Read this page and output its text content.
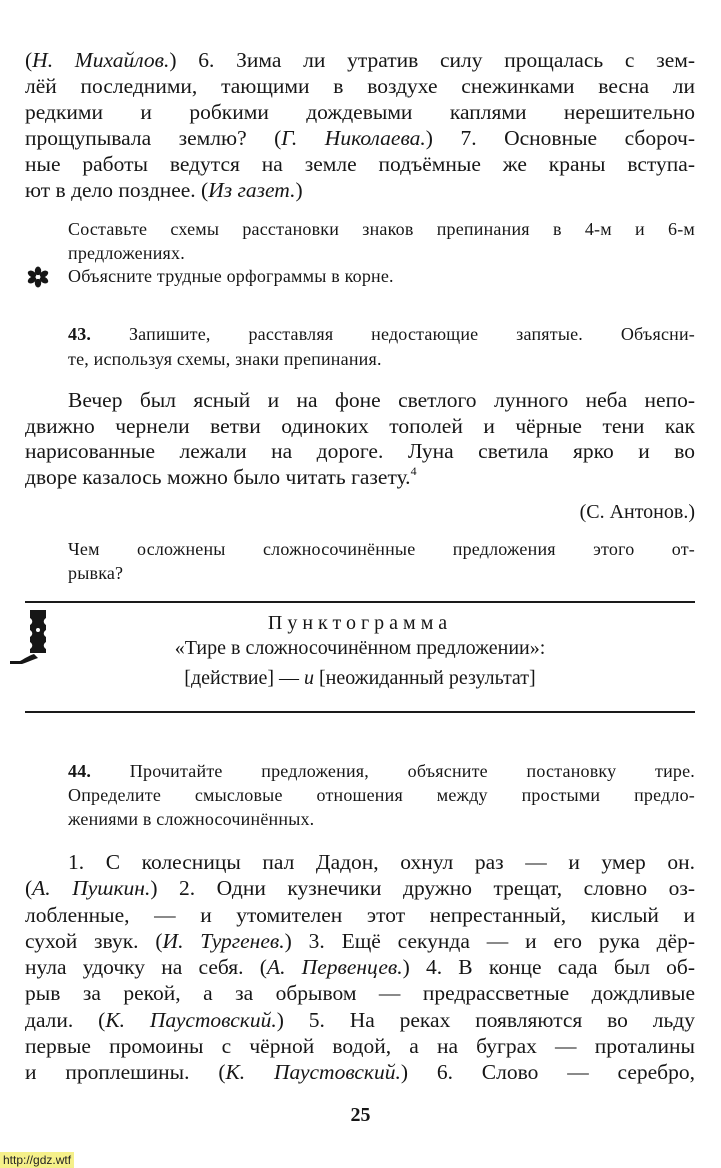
(С. Антонов.)
Пунктограмма
«Тире в сложносочинённом предложении»:
[действие] — и [неожиданный результат]
25
http://gdz.wtf
(Н. Михайлов.) 6. Зима ли утратив силу прощалась с зем-
лёй последними, тающими в воздухе снежинками весна ли
редкими и робкими дождевыми каплями нерешительно
прощупывала землю? (Г. Николаева.) 7. Основные сбороч-
ные работы ведутся на земле подъёмные же краны вступа-
ют в дело позднее. (Из газет.)
Составьте схемы расстановки знаков препинания в 4-м и 6-м
предложениях.
Объясните трудные орфограммы в корне.
43. Запишите, расставляя недостающие запятые. Объясни-
те, используя схемы, знаки препинания.
Вечер был ясный и на фоне светлого лунного неба непо-
движно чернели ветви одиноких тополей и чёрные тени как
нарисованные лежали на дороге. Луна светила ярко и во
дворе казалось можно было читать газету.$^4$
Чем осложнены сложносочинённые предложения этого от-
рывка?
44. Прочитайте предложения, объясните постановку тире.
Определите смысловые отношения между простыми предло-
жениями в сложносочинённых.
1. С колесницы пал Дадон, охнул раз — и умер он.
(А. Пушкин.) 2. Одни кузнечики дружно трещат, словно оз-
лобленные, — и утомителен этот непрестанный, кислый и
сухой звук. (И. Тургенев.) 3. Ещё секунда — и его рука дёр-
нула удочку на себя. (А. Первенцев.) 4. В конце сада был об-
рыв за рекой, а за обрывом — предрассветные дождливые
дали. (К. Паустовский.) 5. На реках появляются во льду
первые промоины с чёрной водой, а на буграх — проталины
и проплешины. (К. Паустовский.) 6. Слово — серебро,
